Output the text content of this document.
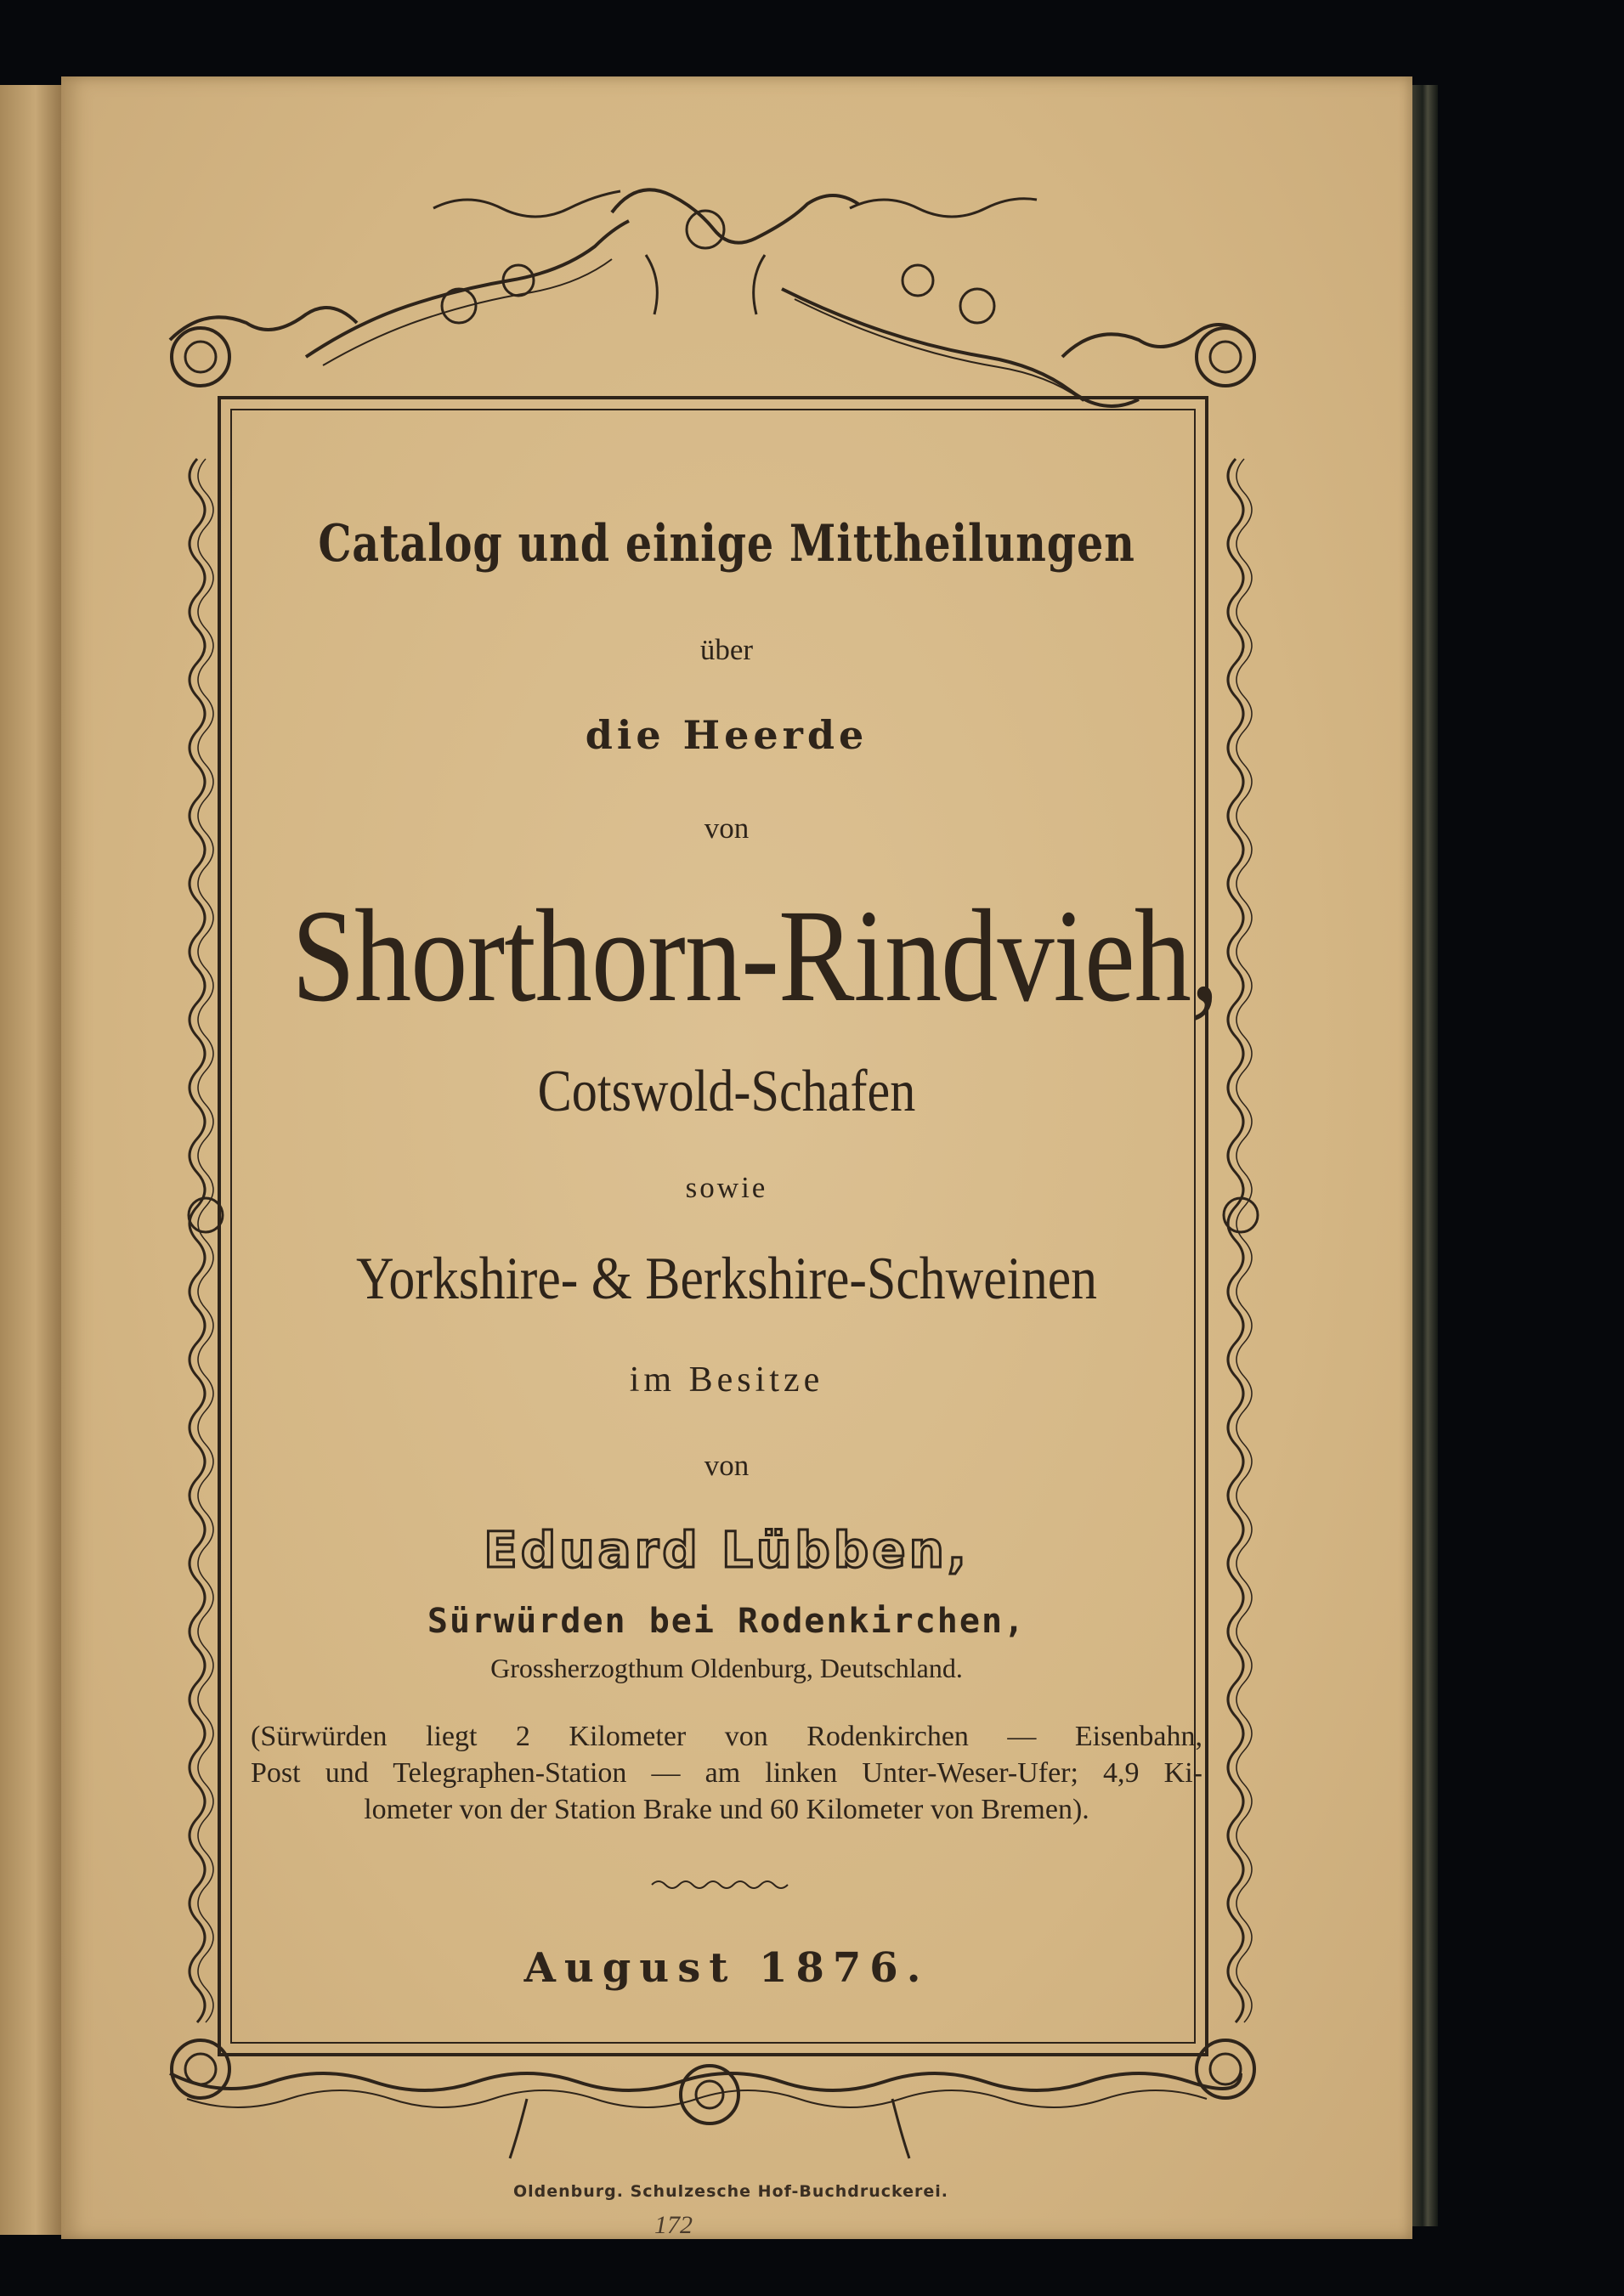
Catalog und einige Mittheilungen
über
die Heerde
von
Shorthorn-Rindvieh,
Cotswold-Schafen
sowie
Yorkshire- & Berkshire-Schweinen
im Besitze
von
Eduard Lübben,
Sürwürden bei Rodenkirchen,
Grossherzogthum Oldenburg, Deutschland.
(Sürwürden liegt 2 Kilometer von Rodenkirchen — Eisenbahn,
Post und Telegraphen-Station — am linken Unter-Weser-Ufer; 4,9 Ki-
lometer von der Station Brake und 60 Kilometer von Bremen).
August 1876.
Oldenburg. Schulzesche Hof-Buchdruckerei.
172
